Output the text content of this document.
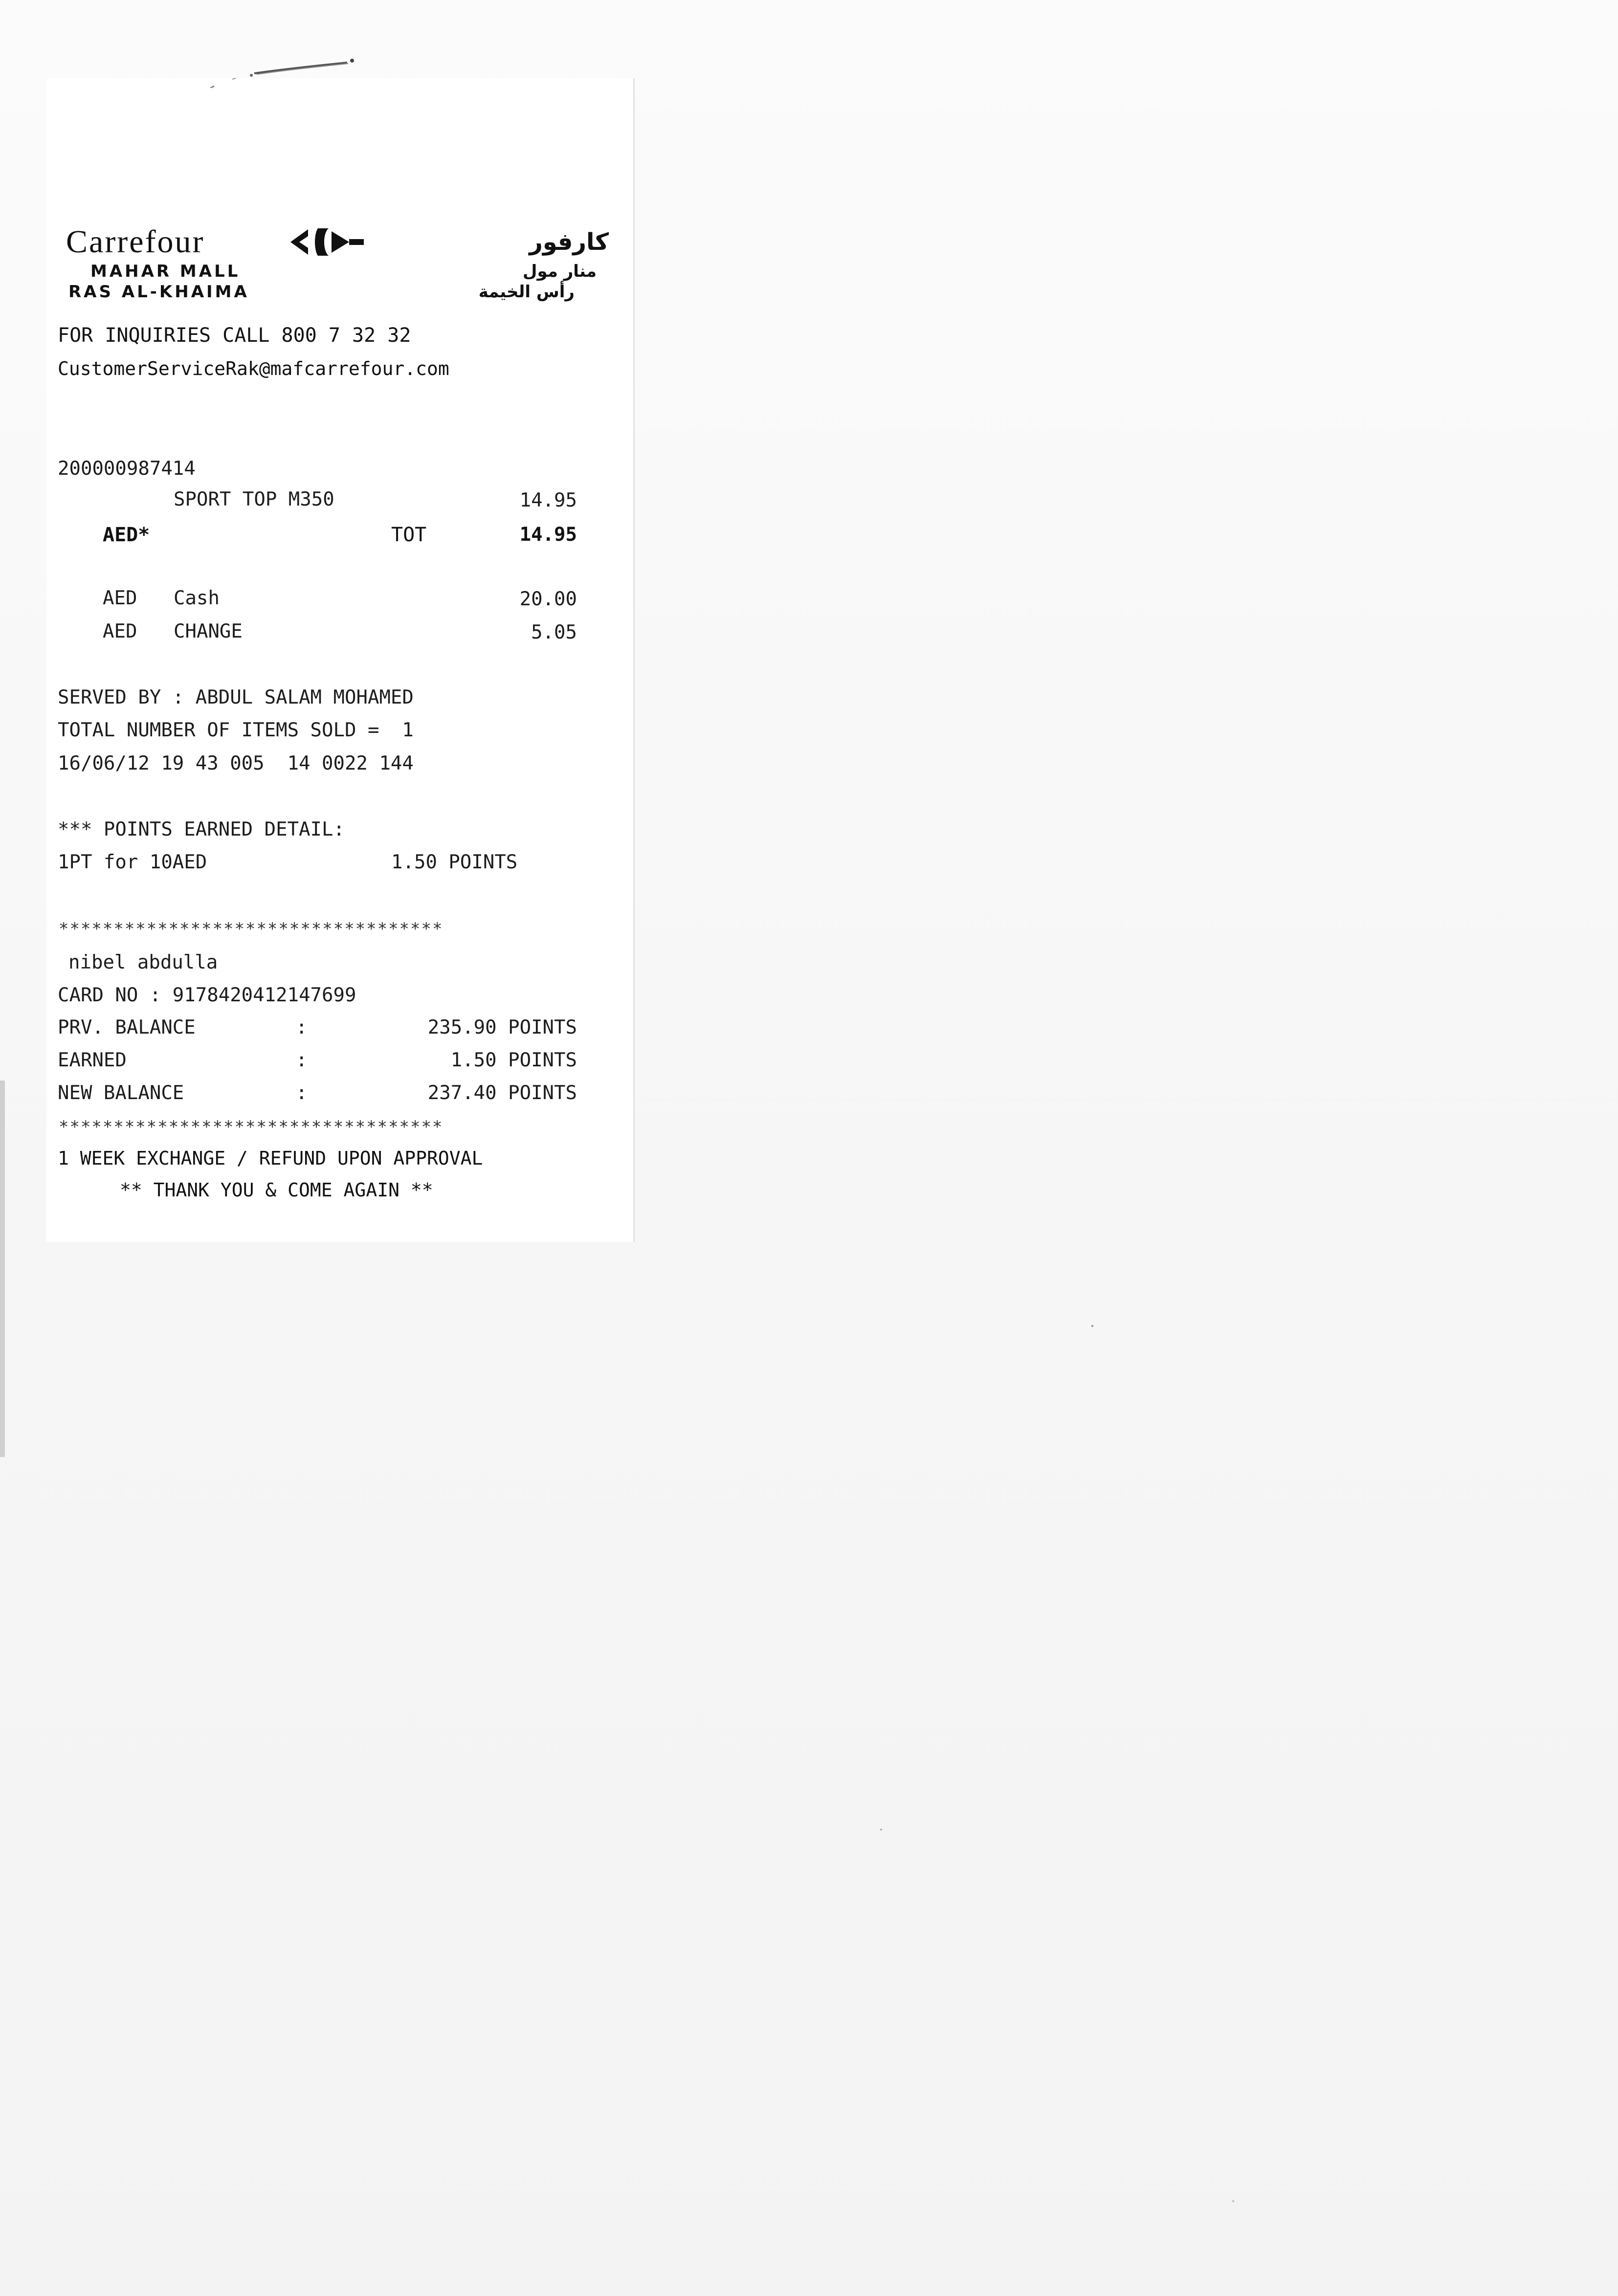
Carrefour	كارفور
MAHAR MALL	منار مول
RAS AL-KHAIMA	رأس الخيمة
FOR INQUIRIES CALL 800 7 32 32
CustomerServiceRak@mafcarrefour.com
200000987414
SPORT TOP M350	14.95
AED*	TOT	14.95
AED Cash	20.00
AED CHANGE	5.05
SERVED BY : ABDUL SALAM MOHAMED
TOTAL NUMBER OF ITEMS SOLD =  1
16/06/12 19 43 005  14 0022 144
*** POINTS EARNED DETAIL:
1PT for 10AED	1.50 POINTS
***********************************
nibel abdulla
CARD NO : 9178420412147699
PRV. BALANCE	:	235.90 POINTS
EARNED	:	1.50 POINTS
NEW BALANCE	:	237.40 POINTS
***********************************
1 WEEK EXCHANGE / REFUND UPON APPROVAL
** THANK YOU & COME AGAIN **
